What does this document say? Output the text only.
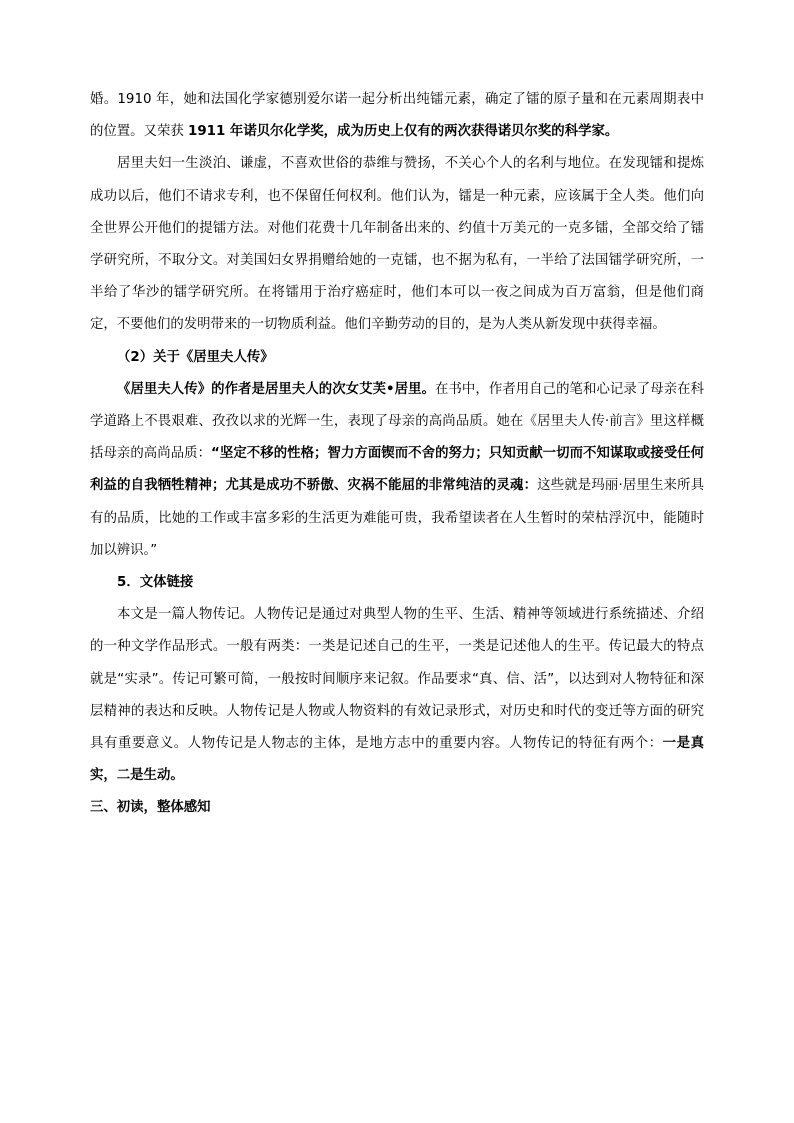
婚。1910 年，她和法国化学家德别爱尔诺一起分析出纯镭元素，确定了镭的原子量和在元素周期表中的位置。又荣获 1911 年诺贝尔化学奖，成为历史上仅有的两次获得诺贝尔奖的科学家。

居里夫妇一生淡泊、谦虚，不喜欢世俗的恭维与赞扬，不关心个人的名利与地位。在发现镭和提炼成功以后，他们不请求专利，也不保留任何权利。他们认为，镭是一种元素，应该属于全人类。他们向全世界公开他们的提镭方法。对他们花费十几年制备出来的、约值十万美元的一克多镭，全部交给了镭学研究所，不取分文。对美国妇女界捐赠给她的一克镭，也不据为私有，一半给了法国镭学研究所，一半给了华沙的镭学研究所。在将镭用于治疗癌症时，他们本可以一夜之间成为百万富翁，但是他们商定，不要他们的发明带来的一切物质利益。他们辛勤劳动的目的，是为人类从新发现中获得幸福。

（2）关于《居里夫人传》

《居里夫人传》的作者是居里夫人的次女艾芙•居里。在书中，作者用自己的笔和心记录了母亲在科学道路上不畏艰难、孜孜以求的光辉一生，表现了母亲的高尚品质。她在《居里夫人传·前言》里这样概括母亲的高尚品质：“坚定不移的性格；智力方面锲而不舍的努力；只知贡献一切而不知谋取或接受任何利益的自我牺牲精神；尤其是成功不骄傲、灾祸不能屈的非常纯洁的灵魂：这些就是玛丽·居里生来所具有的品质，比她的工作或丰富多彩的生活更为难能可贵，我希望读者在人生暂时的荣枯浮沉中，能随时加以辨识。”

5．文体链接

本文是一篇人物传记。人物传记是通过对典型人物的生平、生活、精神等领域进行系统描述、介绍的一种文学作品形式。一般有两类：一类是记述自己的生平，一类是记述他人的生平。传记最大的特点就是“实录”。传记可繁可简，一般按时间顺序来记叙。作品要求“真、信、活”，以达到对人物特征和深层精神的表达和反映。人物传记是人物或人物资料的有效记录形式，对历史和时代的变迁等方面的研究具有重要意义。人物传记是人物志的主体，是地方志中的重要内容。人物传记的特征有两个：一是真实，二是生动。

三、初读，整体感知
